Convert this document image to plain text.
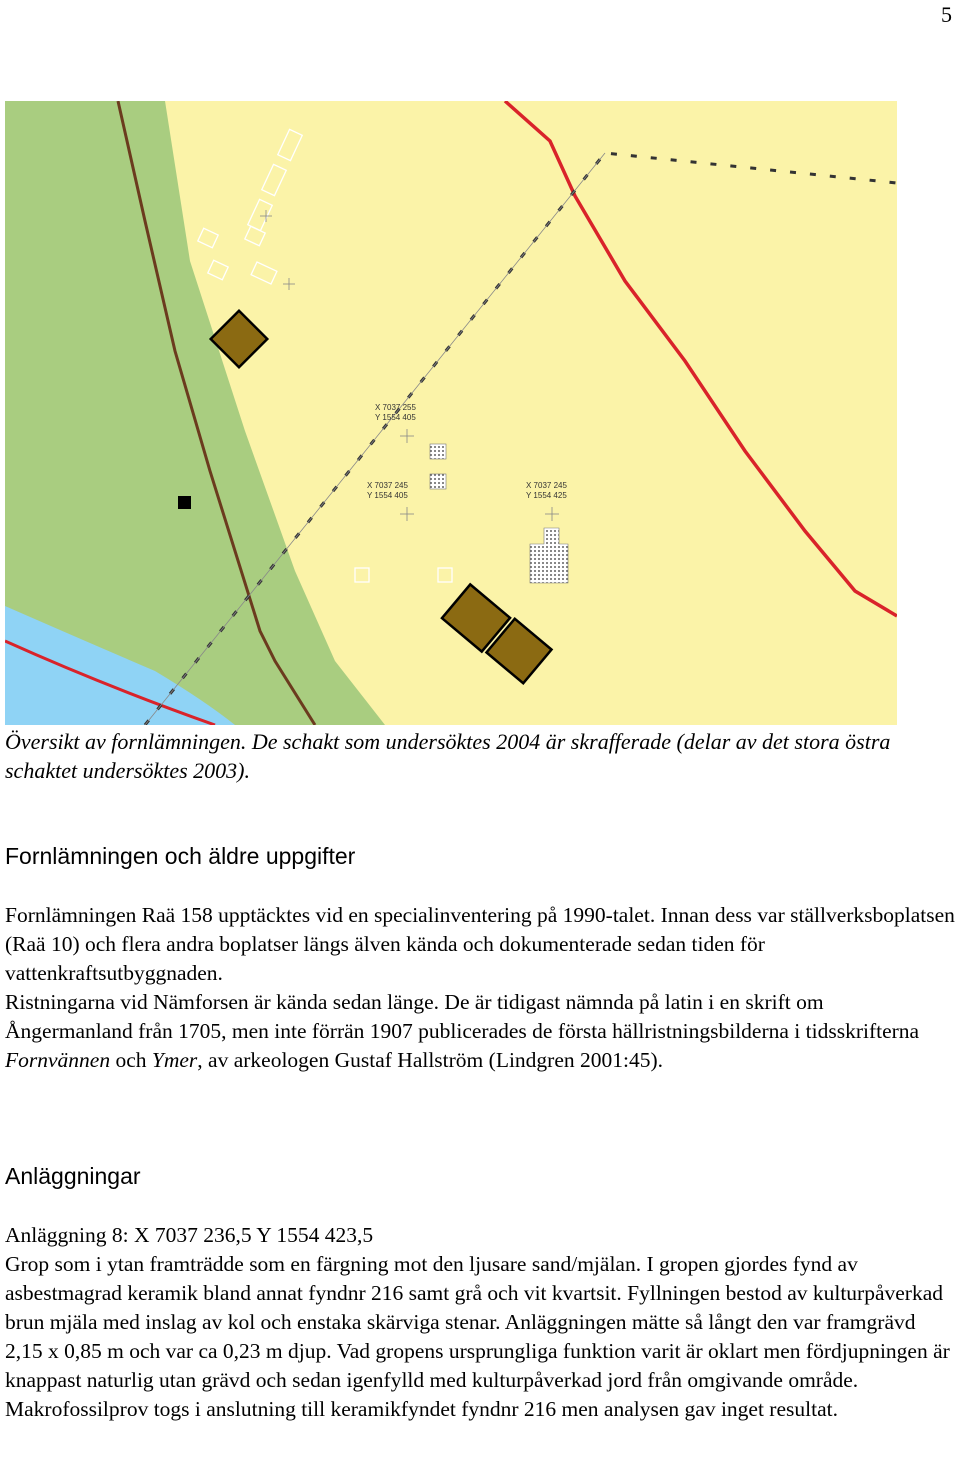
5
X 7037 255
Y 1554 405
X 7037 245
Y 1554 405
X 7037 245
Y 1554 425

Översikt av fornlämningen. De schakt som undersöktes 2004 är skrafferade (delar av det stora östra schaktet undersöktes 2003).

Fornlämningen och äldre uppgifter

Fornlämningen Raä 158 upptäcktes vid en specialinventering på 1990-talet. Innan dess var ställverksboplatsen (Raä 10) och flera andra boplatser längs älven kända och dokumenterade sedan tiden för vattenkraftsutbyggnaden.

Ristningarna vid Nämforsen är kända sedan länge. De är tidigast nämnda på latin i en skrift om Ångermanland från 1705, men inte förrän 1907 publicerades de första hällristningsbilderna i tidsskrifterna Fornvännen och Ymer, av arkeologen Gustaf Hallström (Lindgren 2001:45).

Anläggningar

Anläggning 8: X 7037 236,5 Y 1554 423,5

Grop som i ytan framträdde som en färgning mot den ljusare sand/mjälan. I gropen gjordes fynd av asbestmagrad keramik bland annat fyndnr 216 samt grå och vit kvartsit. Fyllningen bestod av kulturpåverkad brun mjäla med inslag av kol och enstaka skärviga stenar. Anläggningen mätte så långt den var framgrävd 2,15 x 0,85 m och var ca 0,23 m djup. Vad gropens ursprungliga funktion varit är oklart men fördjupningen är knappast naturlig utan grävd och sedan igenfylld med kulturpåverkad jord från omgivande område. Makrofossilprov togs i anslutning till keramikfyndet fyndnr 216 men analysen gav inget resultat.
